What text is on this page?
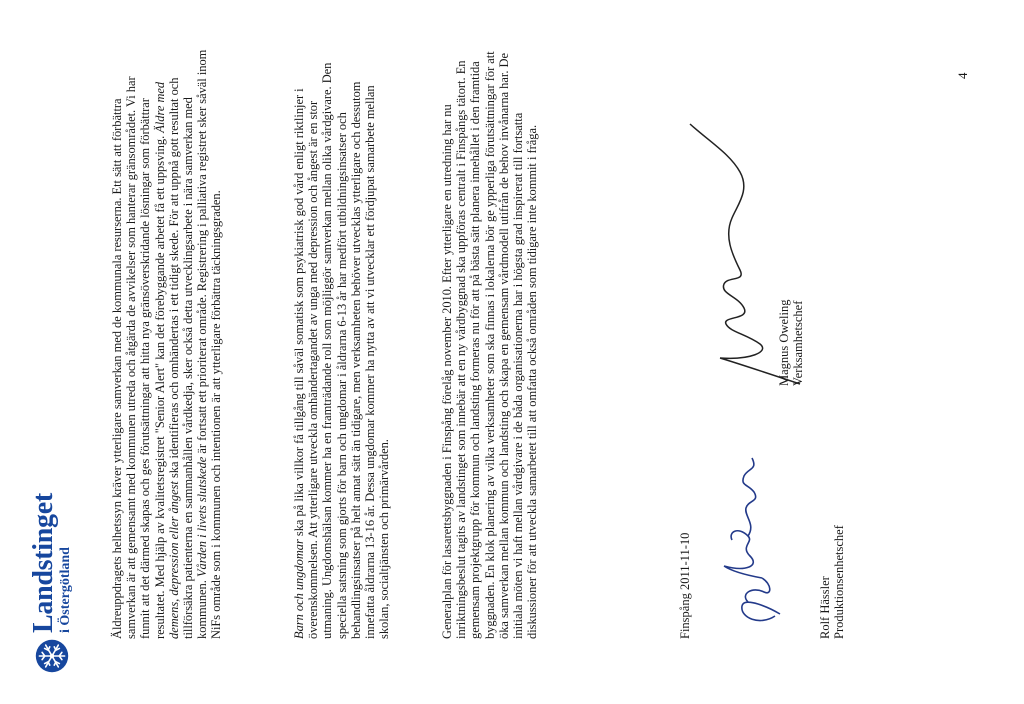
Landstinget i Östergötland	Äldreuppdragets helhetssyn kräver ytterligare samverkan med de kommunala resurserna. Ett sätt att förbättra samverkan är att gemensamt med kommunen utreda och åtgärda de avvikelser som hanterar gränsområdet. Vi har funnit att det därmed skapas och ges förutsättningar att hitta nya gränsöverskridande lösningar som förbättrar resultatet. Med hjälp av kvalitetsregistret "Senior Alert" kan det förebyggande arbetet få ett uppsving. Äldre med demens, depression eller ångest ska identifieras och omhändertas i ett tidigt skede. För att uppnå gott resultat och tillförsäkra patienterna en sammanhållen vårdkedja, sker också detta utvecklingsarbete i nära samverkan med kommunen. Vården i livets slutskede är fortsatt ett prioriterat område. Registrering i palliativa registret sker såväl inom NiFs område som i kommunen och intentionen är att ytterligare förbättra täckningsgraden.	Barn och ungdomar ska på lika villkor få tillgång till såväl somatisk som psykiatrisk god vård enligt riktlinjer i överenskommelsen. Att ytterligare utveckla omhändertagandet av unga med depression och ångest är en stor utmaning. Ungdomshälsan kommer ha en framträdande roll som möjliggör samverkan mellan olika vårdgivare. Den speciella satsning som gjorts för barn och ungdomar i åldrarna 6-13 år har medfört utbildningsinsatser och behandlingsinsatser på helt annat sätt än tidigare, men verksamheten behöver utvecklas ytterligare och dessutom innefatta åldrarna 13-16 år. Dessa ungdomar kommer ha nytta av att vi utvecklar ett fördjupat samarbete mellan skolan, socialtjänsten och primärvården.	Generalplan för lasarettsbyggnaden i Finspång förelåg november 2010. Efter ytterligare en utredning har nu inriktningsbeslut tagits av landstinget som innebär att en ny vårdbyggnad ska uppföras centralt i Finspångs tätort. En gemensam projektgrupp för kommun och landsting formeras nu för att på bästa sätt planera innehållet i den framtida byggnaden. En klok planering av vilka verksamheter som ska finnas i lokalerna bör ge ypperliga förutsättningar för att öka samverkan mellan kommun och landsting och skapa en gemensam vårdmodell utifrån de behov invånarna har. De initiala möten vi haft mellan vårdgivare i de båda organisationerna har i högsta grad inspirerat till fortsatta diskussioner för att utveckla samarbetet till att omfatta också områden som tidigare inte kommit i fråga.	Finspång 2011-11-10	Rolf Hässler Produktionsenhetschef
Magnus Oweling Verksamhetschef
4
